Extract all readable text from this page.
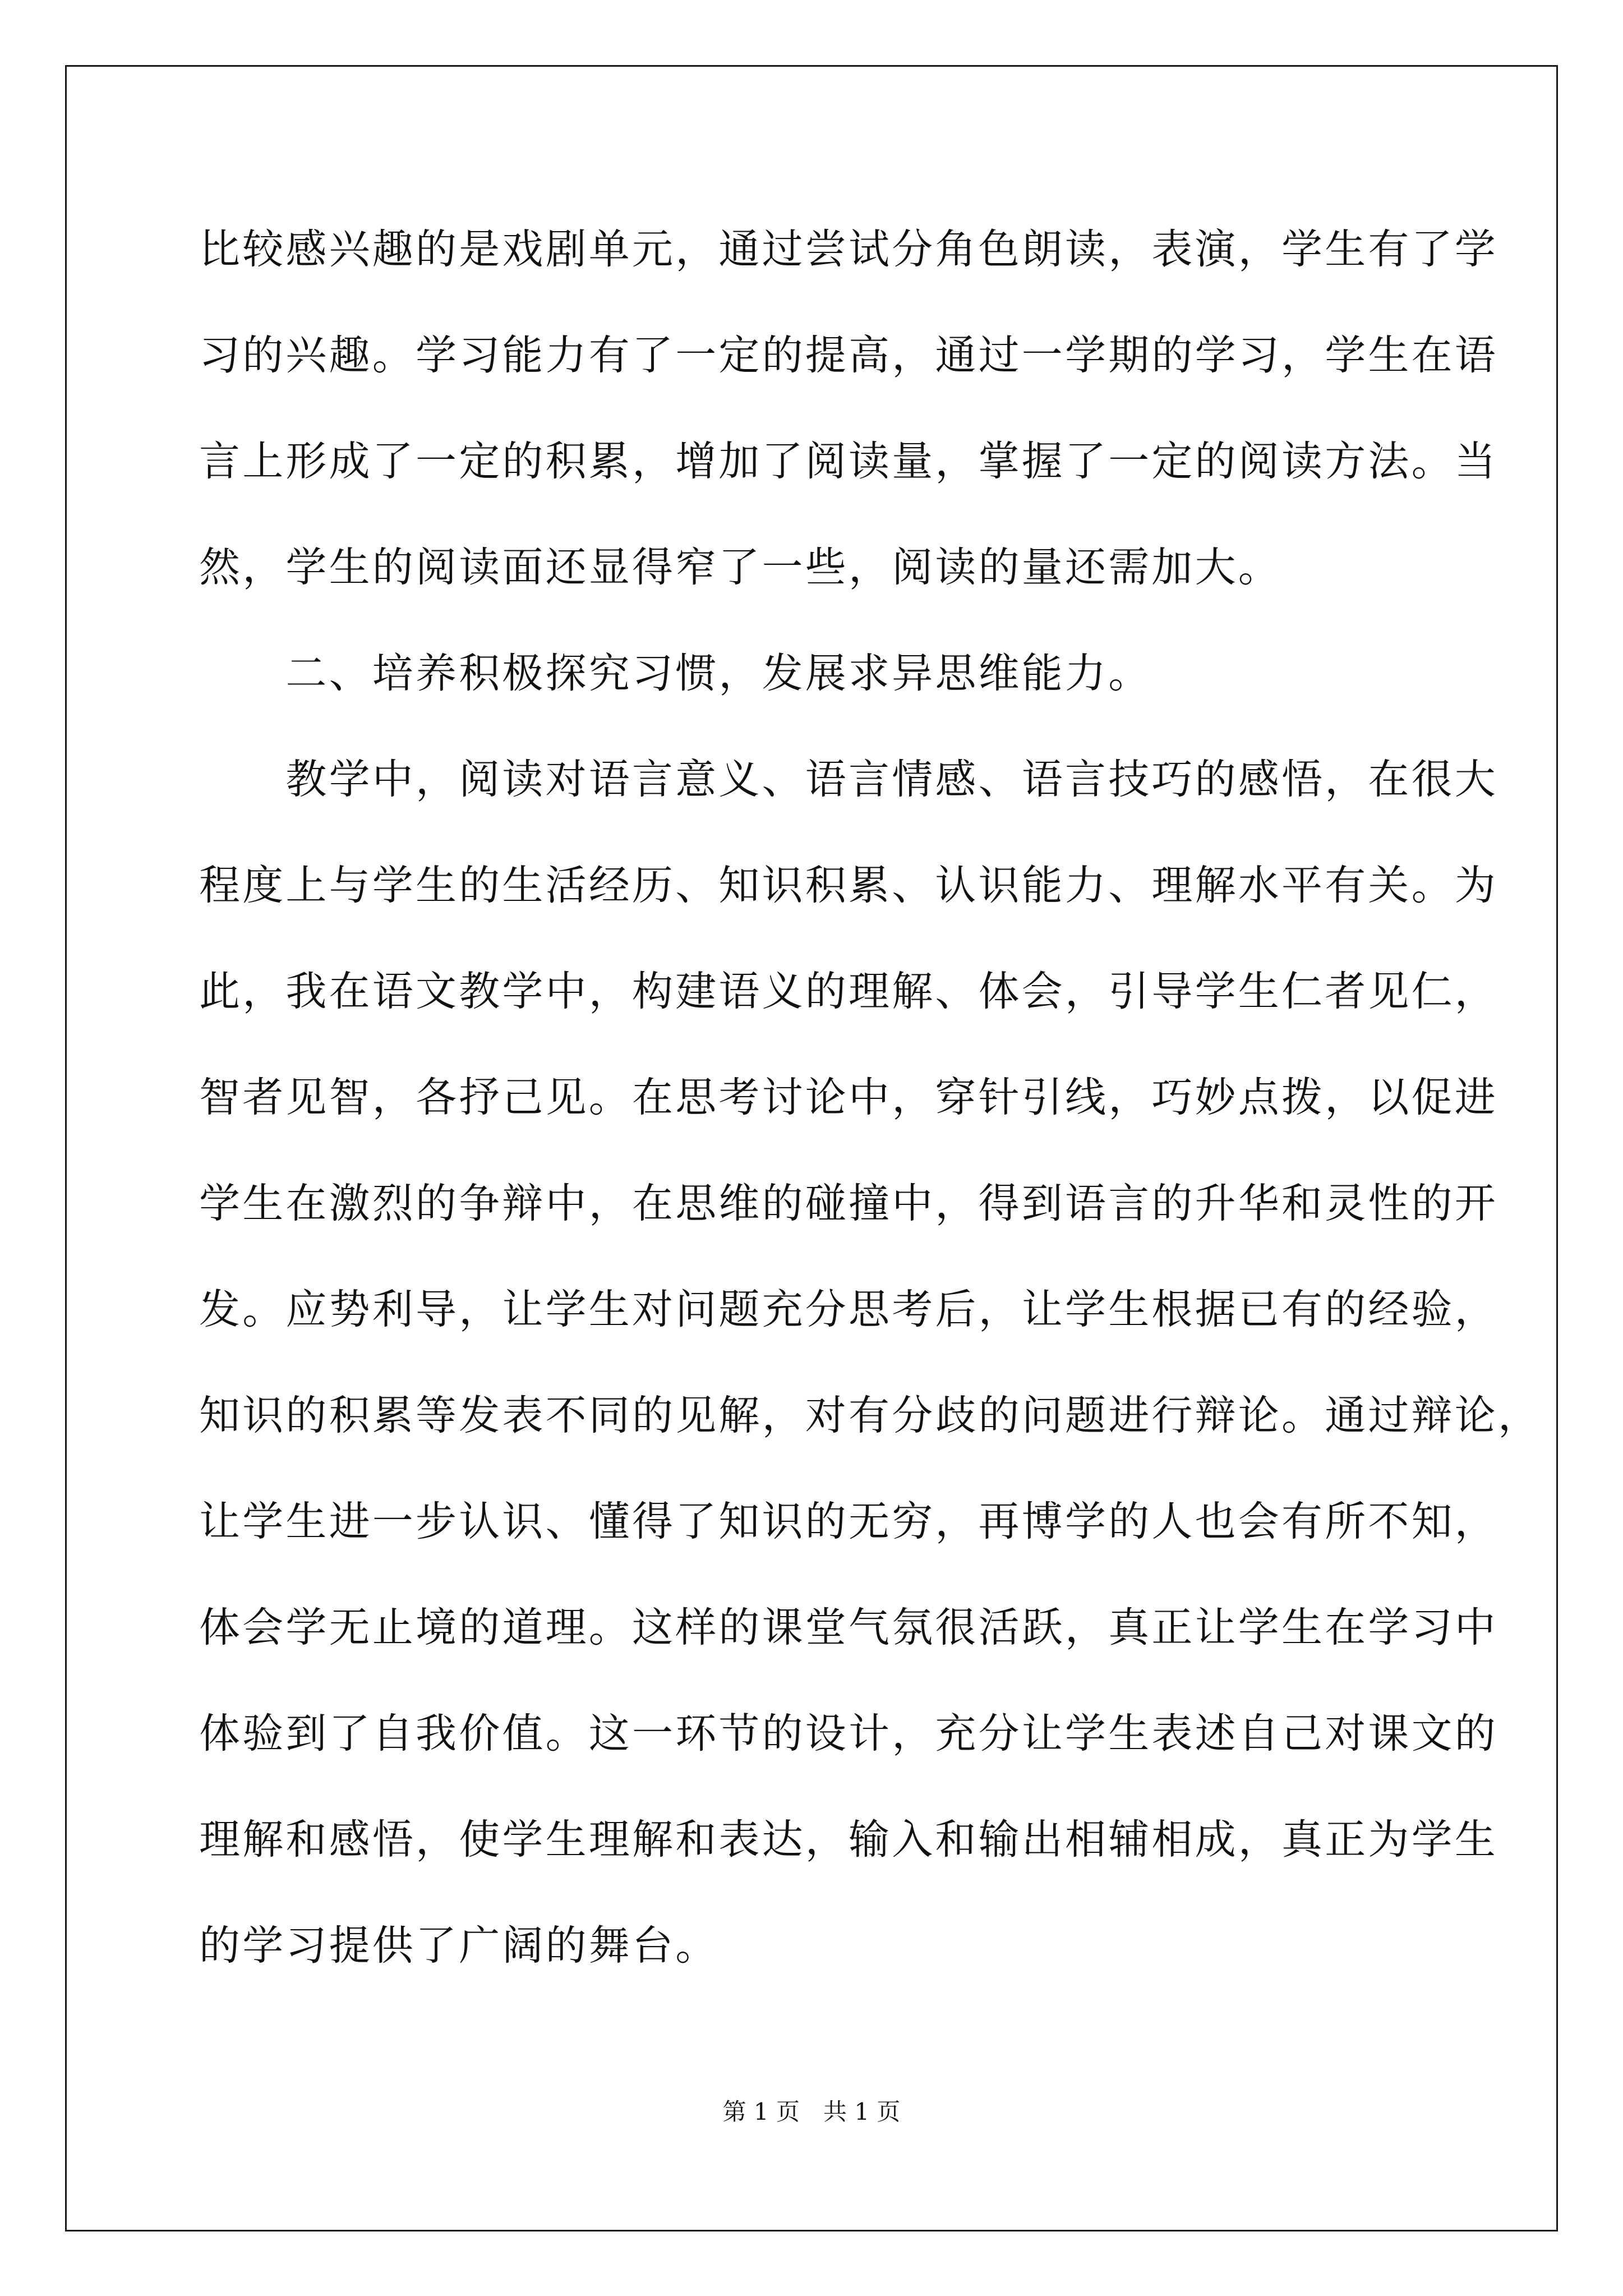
比较感兴趣的是戏剧单元，通过尝试分角色朗读，表演，学生有了学
习的兴趣。学习能力有了一定的提高，通过一学期的学习，学生在语
言上形成了一定的积累，增加了阅读量，掌握了一定的阅读方法。当
然，学生的阅读面还显得窄了一些，阅读的量还需加大。
　　二、培养积极探究习惯，发展求异思维能力。
　　教学中，阅读对语言意义、语言情感、语言技巧的感悟，在很大
程度上与学生的生活经历、知识积累、认识能力、理解水平有关。为
此，我在语文教学中，构建语义的理解、体会，引导学生仁者见仁，
智者见智，各抒己见。在思考讨论中，穿针引线，巧妙点拨，以促进
学生在激烈的争辩中，在思维的碰撞中，得到语言的升华和灵性的开
发。应势利导，让学生对问题充分思考后，让学生根据已有的经验，
知识的积累等发表不同的见解，对有分歧的问题进行辩论。通过辩论，
让学生进一步认识、懂得了知识的无穷，再博学的人也会有所不知，
体会学无止境的道理。这样的课堂气氛很活跃，真正让学生在学习中
体验到了自我价值。这一环节的设计，充分让学生表述自己对课文的
理解和感悟，使学生理解和表达，输入和输出相辅相成，真正为学生
的学习提供了广阔的舞台。
第 1 页　共 1 页
